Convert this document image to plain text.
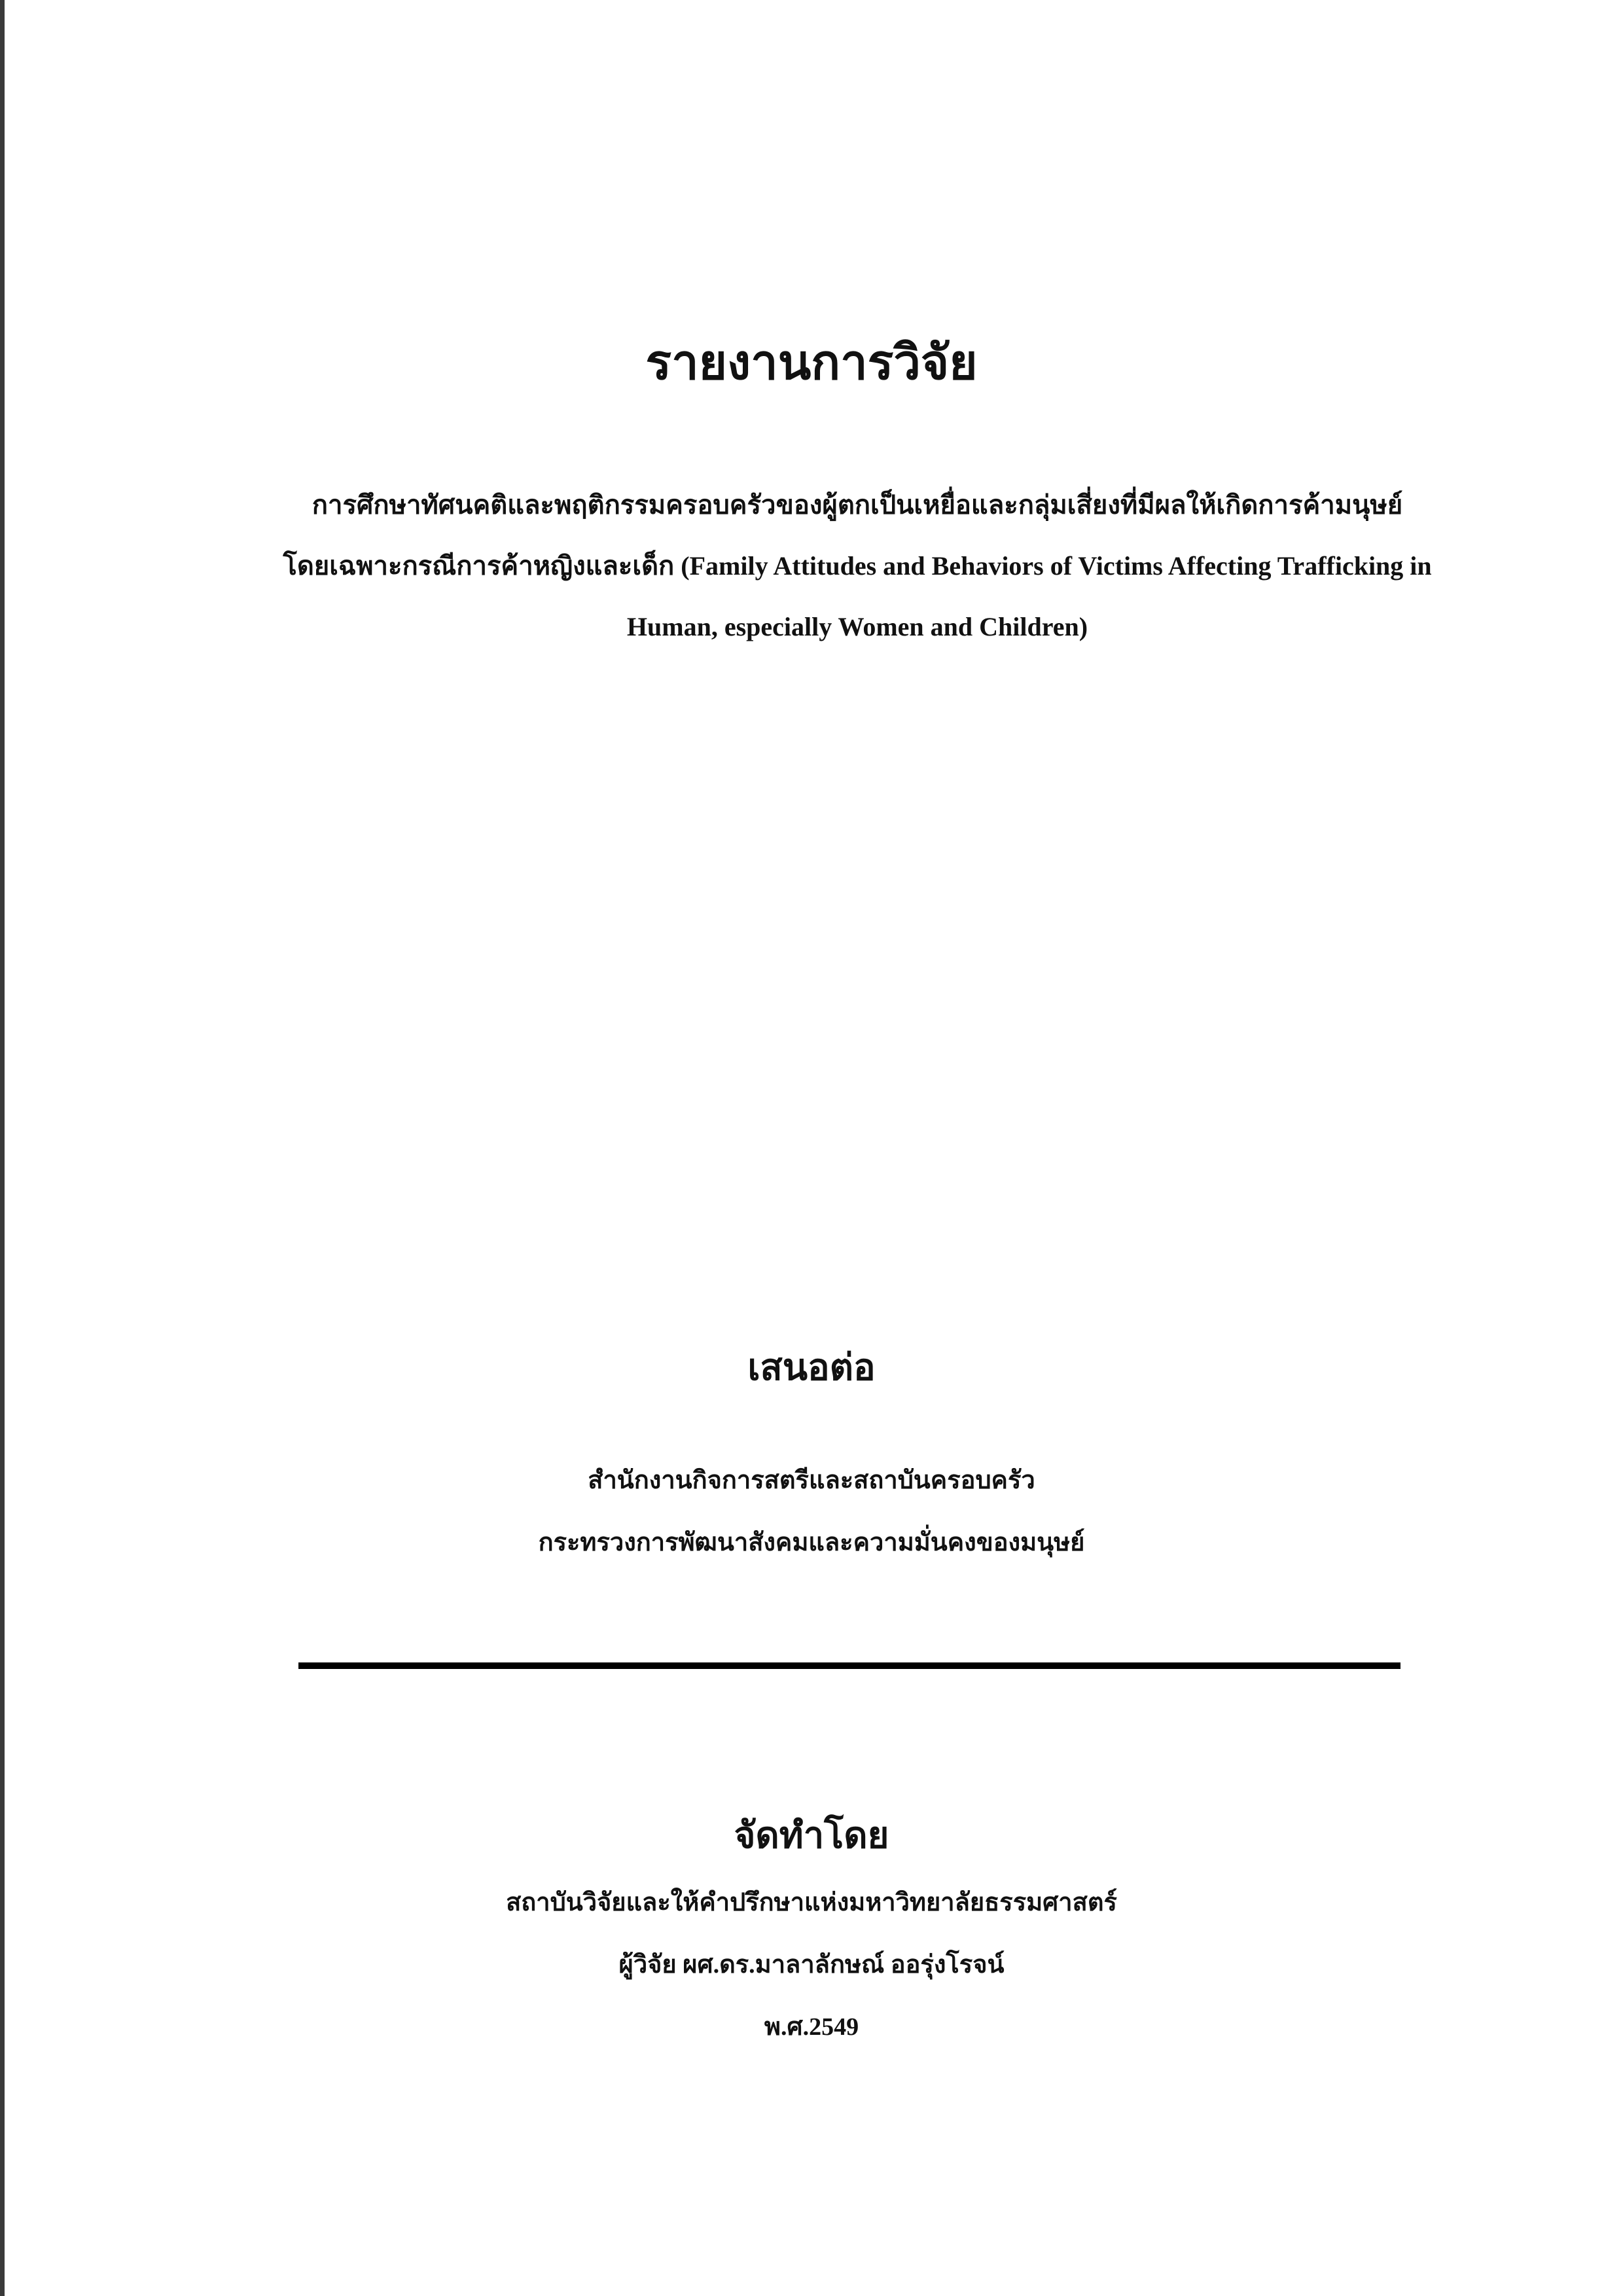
รายงานการวิจัย
การศึกษาทัศนคติและพฤติกรรมครอบครัวของผู้ตกเป็นเหยื่อและกลุ่มเสี่ยงที่มีผลให้เกิดการค้ามนุษย์
โดยเฉพาะกรณีการค้าหญิงและเด็ก (Family Attitudes and Behaviors of Victims Affecting Trafficking in
Human, especially Women and Children)
เสนอต่อ
สำนักงานกิจการสตรีและสถาบันครอบครัว
กระทรวงการพัฒนาสังคมและความมั่นคงของมนุษย์
จัดทำโดย
สถาบันวิจัยและให้คำปรึกษาแห่งมหาวิทยาลัยธรรมศาสตร์
ผู้วิจัย ผศ.ดร.มาลาลักษณ์ ออรุ่งโรจน์
พ.ศ.2549
